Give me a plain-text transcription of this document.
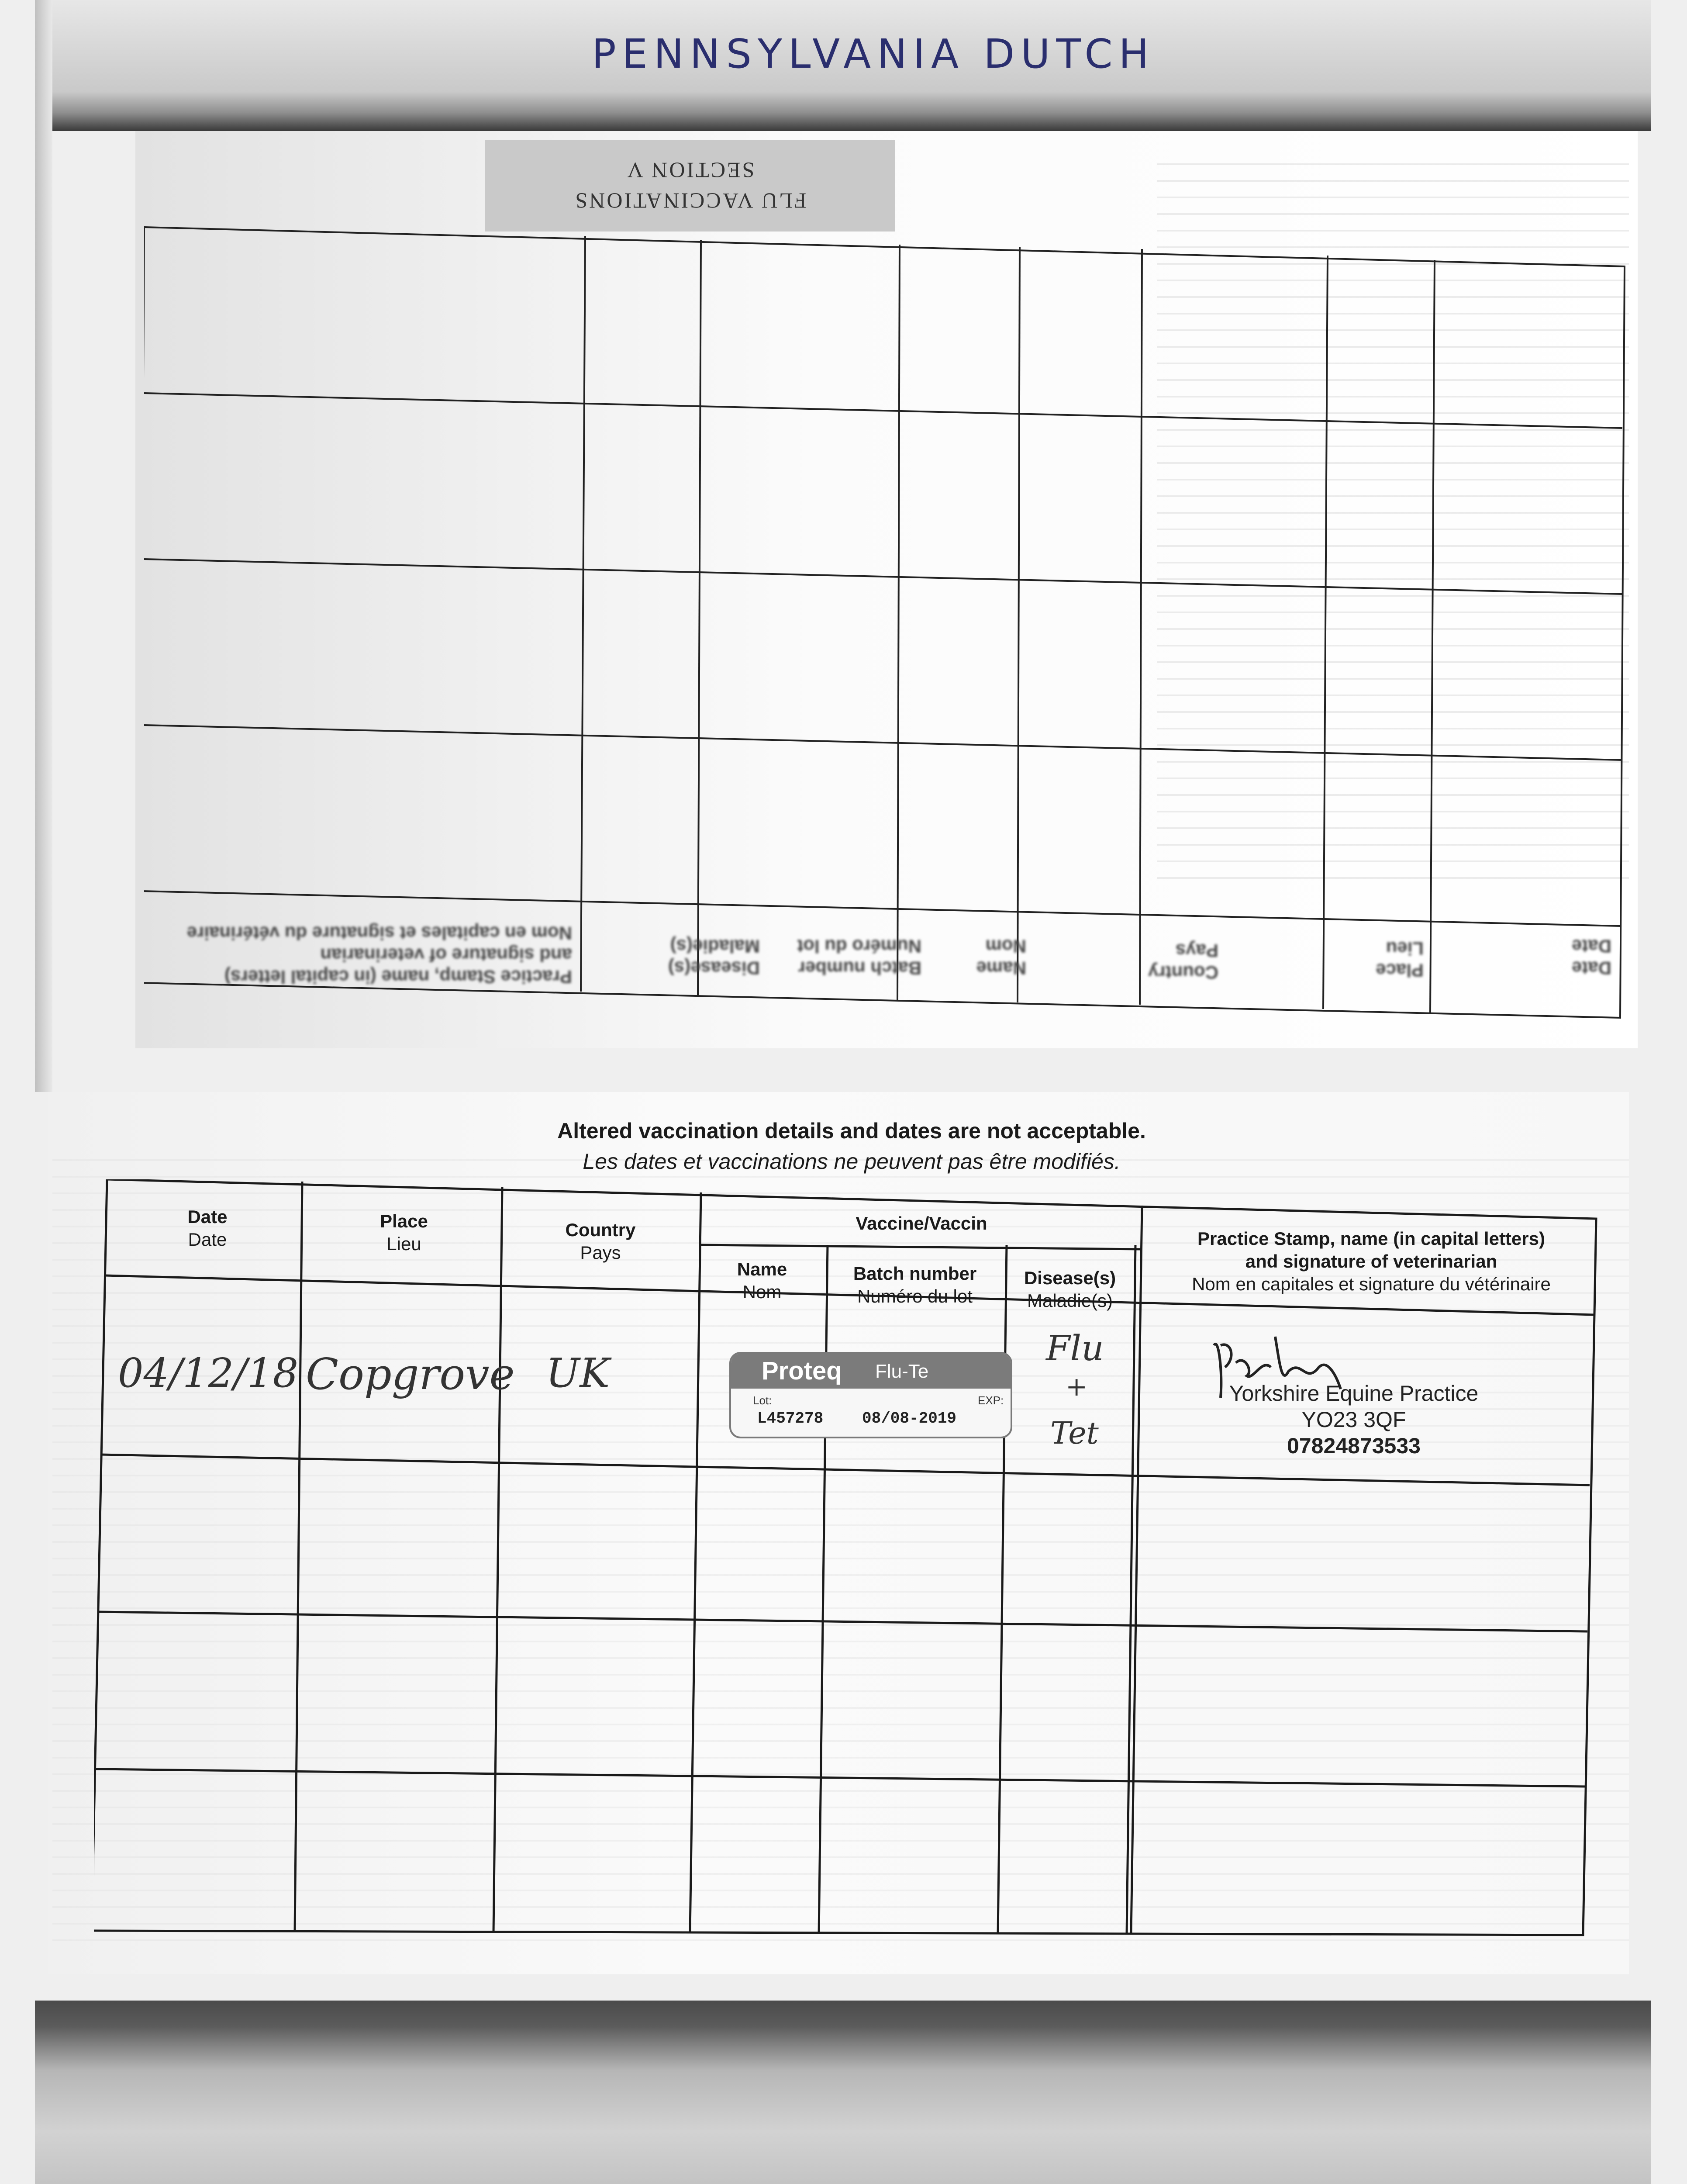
PENNSYLVANIA DUTCH
FLU VACCINATIONS
SECTION V
Date
Date
Place
Lieu
Country
Pays
Name
Nom
Batch number
Numéro du lot
Disease(s)
Maladie(s)
Practice Stamp, name (in capital letters)
and signature of veterinarian
Nom en capitales et signature du vétérinaire
Altered vaccination details and dates are not acceptable.
Les dates et vaccinations ne peuvent pas être modifiés.
Date
Date
Place
Lieu
Country
Pays
Vaccine/Vaccin
Name
Nom
Batch number
Numéro du lot
Disease(s)
Maladie(s)
Practice Stamp, name (in capital letters)
and signature of veterinarian
Nom en capitales et signature du vétérinaire
04/12/18 Copgrove UK	Proteq Flu-Te
Lot:	EXP:
L457278 08/08-2019
Flu
+
Tet
Yorkshire Equine Practice
YO23 3QF
07824873533
